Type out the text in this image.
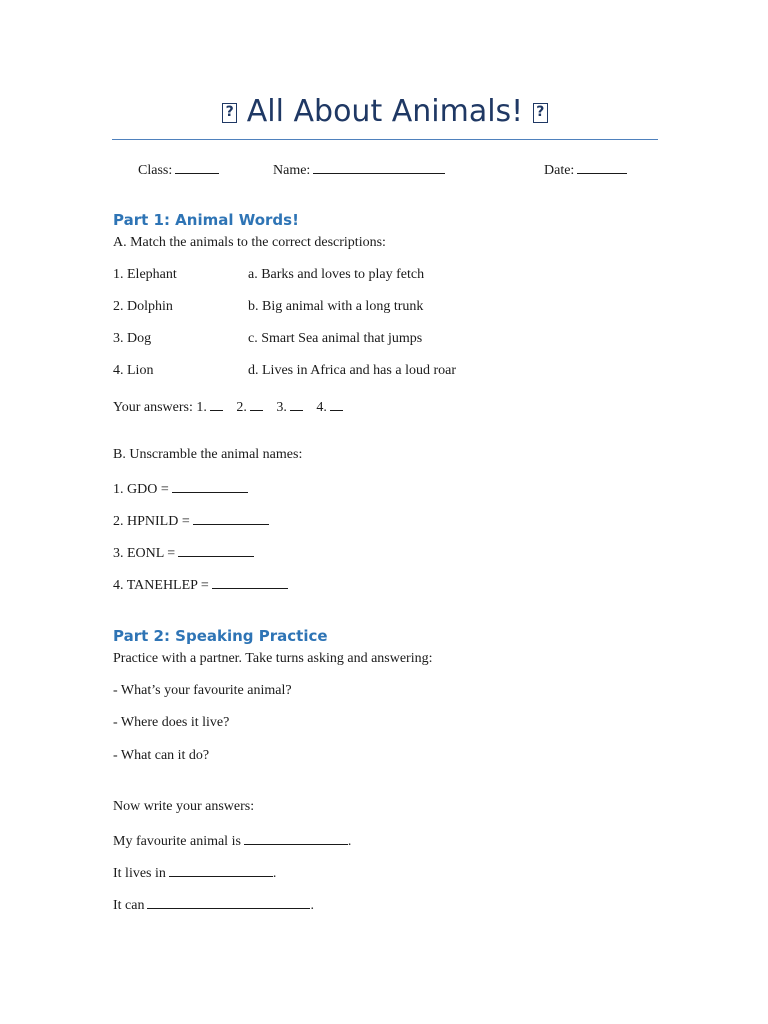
? All About Animals! ?
Class:	Name:	Date:
Part 1: Animal Words!
A. Match the animals to the correct descriptions:
1. Elephant	a. Barks and loves to play fetch
2. Dolphin	b. Big animal with a long trunk
3. Dog	c. Smart Sea animal that jumps
4. Lion	d. Lives in Africa and has a loud roar
Your answers: 1. 2. 3. 4.
B. Unscramble the animal names:
1. GDO =
2. HPNILD =
3. EONL =
4. TANEHLEP =
Part 2: Speaking Practice
Practice with a partner. Take turns asking and answering:
- What’s your favourite animal?
- Where does it live?
- What can it do?
Now write your answers:
My favourite animal is	.
It lives in	.
It can	.
